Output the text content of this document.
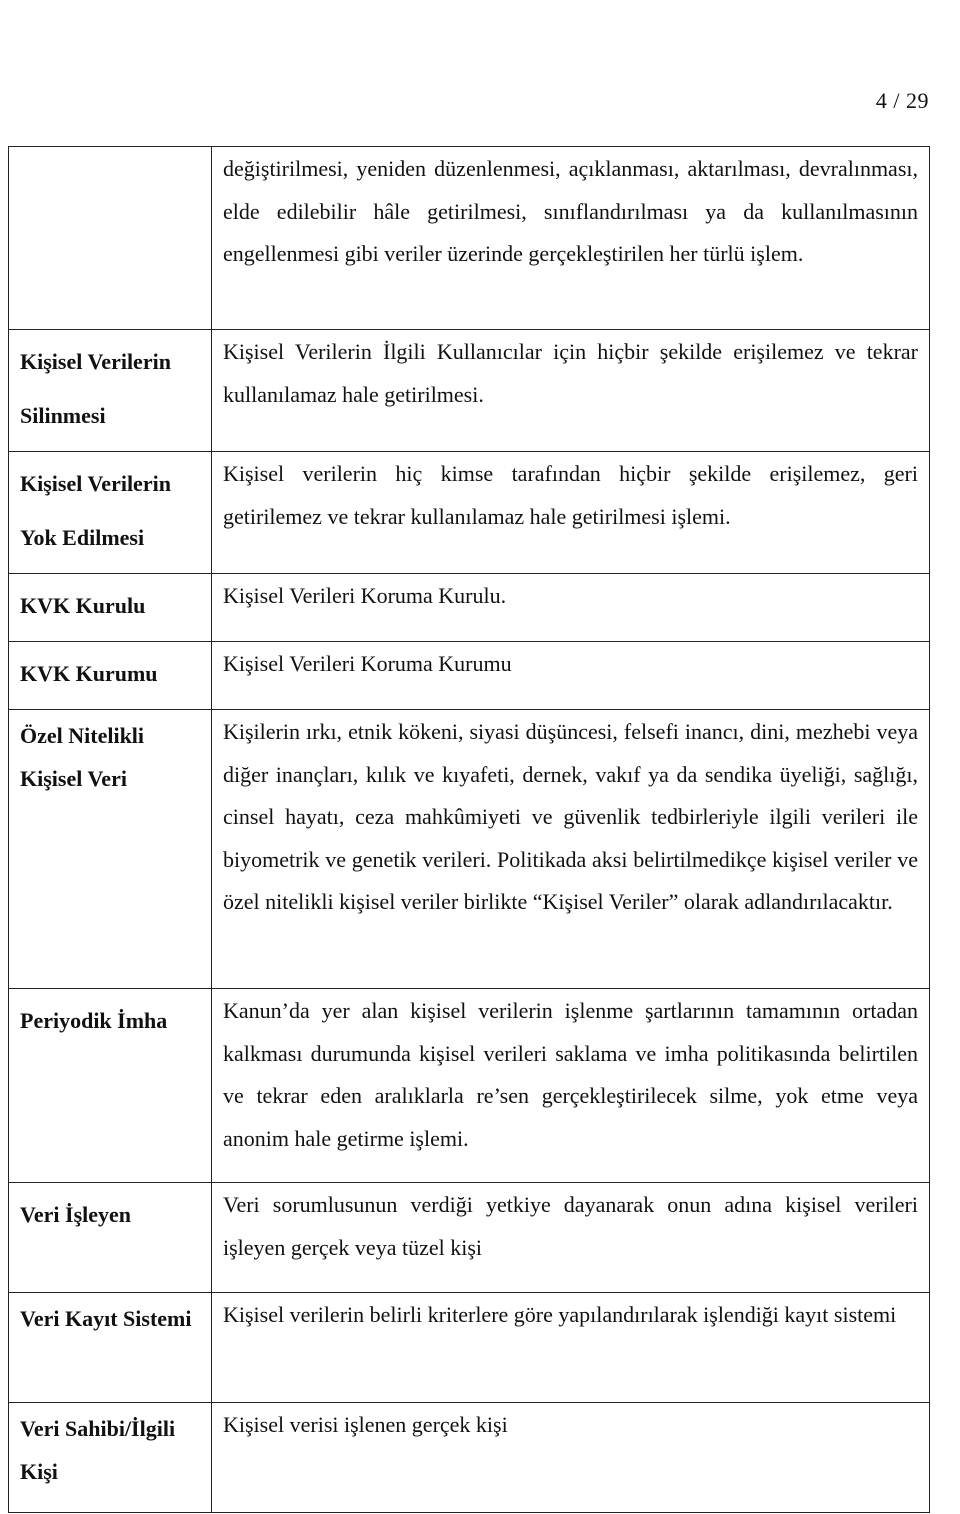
4 / 29
	değiştirilmesi, yeniden düzenlenmesi, açıklanması, aktarılması, devralınması, elde edilebilir hâle getirilmesi, sınıflandırılması ya da kullanılmasının engellenmesi gibi veriler üzerinde gerçekleştirilen her türlü işlem.

Kişisel Verilerin Silinmesi	Kişisel Verilerin İlgili Kullanıcılar için hiçbir şekilde erişilemez ve tekrar kullanılamaz hale getirilmesi.

Kişisel Verilerin Yok Edilmesi	Kişisel verilerin hiç kimse tarafından hiçbir şekilde erişilemez, geri getirilemez ve tekrar kullanılamaz hale getirilmesi işlemi.

KVK Kurulu	Kişisel Verileri Koruma Kurulu.

KVK Kurumu	Kişisel Verileri Koruma Kurumu

Özel Nitelikli Kişisel Veri	Kişilerin ırkı, etnik kökeni, siyasi düşüncesi, felsefi inancı, dini, mezhebi veya diğer inançları, kılık ve kıyafeti, dernek, vakıf ya da sendika üyeliği, sağlığı, cinsel hayatı, ceza mahkûmiyeti ve güvenlik tedbirleriyle ilgili verileri ile biyometrik ve genetik verileri. Politikada aksi belirtilmedikçe kişisel veriler ve özel nitelikli kişisel veriler birlikte “Kişisel Veriler” olarak adlandırılacaktır.

Periyodik İmha	Kanun’da yer alan kişisel verilerin işlenme şartlarının tamamının ortadan kalkması durumunda kişisel verileri saklama ve imha politikasında belirtilen ve tekrar eden aralıklarla re’sen gerçekleştirilecek silme, yok etme veya anonim hale getirme işlemi.

Veri İşleyen	Veri sorumlusunun verdiği yetkiye dayanarak onun adına kişisel verileri işleyen gerçek veya tüzel kişi

Veri Kayıt Sistemi	Kişisel verilerin belirli kriterlere göre yapılandırılarak işlendiği kayıt sistemi

Veri Sahibi/İlgili Kişi	Kişisel verisi işlenen gerçek kişi
